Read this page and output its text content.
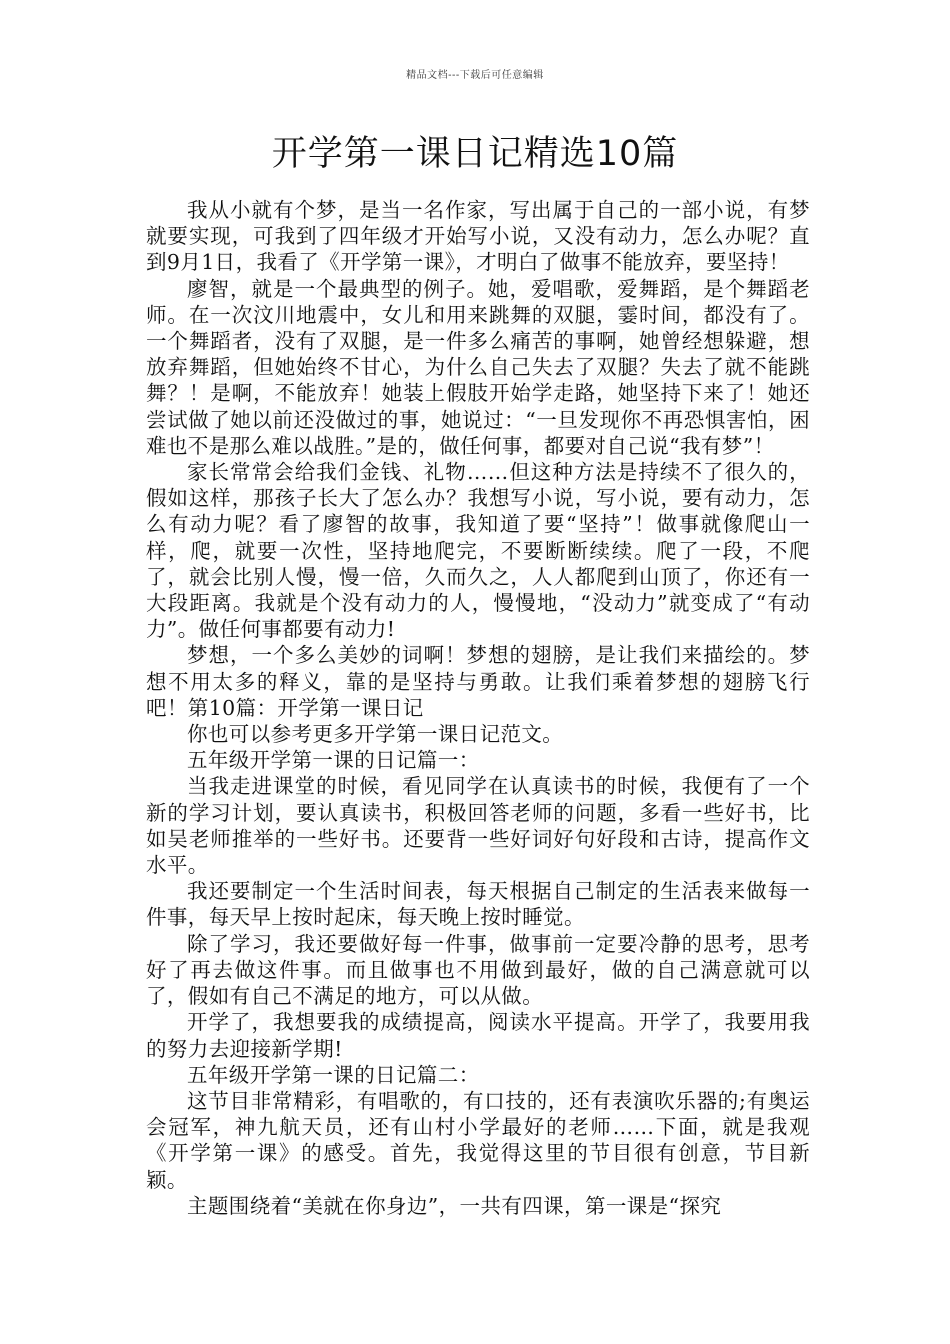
精品文档---下载后可任意编辑
开学第一课日记精选10篇

我从小就有个梦，是当一名作家，写出属于自己的一部小说，有梦就要实现，可我到了四年级才开始写小说，又没有动力，怎么办呢？直到9月1日，我看了《开学第一课》，才明白了做事不能放弃，要坚持！

廖智，就是一个最典型的例子。她，爱唱歌，爱舞蹈，是个舞蹈老师。在一次汶川地震中，女儿和用来跳舞的双腿，霎时间，都没有了。一个舞蹈者，没有了双腿，是一件多么痛苦的事啊，她曾经想躲避，想放弃舞蹈，但她始终不甘心，为什么自己失去了双腿？失去了就不能跳舞？！是啊，不能放弃！她装上假肢开始学走路，她坚持下来了！她还尝试做了她以前还没做过的事，她说过：“一旦发现你不再恐惧害怕，困难也不是那么难以战胜。”是的，做任何事，都要对自己说“我有梦”！

家长常常会给我们金钱、礼物……但这种方法是持续不了很久的，假如这样，那孩子长大了怎么办？我想写小说，写小说，要有动力，怎么有动力呢？看了廖智的故事，我知道了要“坚持”！做事就像爬山一样，爬，就要一次性，坚持地爬完，不要断断续续。爬了一段，不爬了，就会比别人慢，慢一倍，久而久之，人人都爬到山顶了，你还有一大段距离。我就是个没有动力的人，慢慢地，“没动力”就变成了“有动力”。做任何事都要有动力!

梦想，一个多么美妙的词啊！梦想的翅膀，是让我们来描绘的。梦想不用太多的释义，靠的是坚持与勇敢。让我们乘着梦想的翅膀飞行吧！第10篇：开学第一课日记

你也可以参考更多开学第一课日记范文。

五年级开学第一课的日记篇一：

当我走进课堂的时候，看见同学在认真读书的时候，我便有了一个新的学习计划，要认真读书，积极回答老师的问题，多看一些好书，比如吴老师推举的一些好书。还要背一些好词好句好段和古诗，提高作文水平。

我还要制定一个生活时间表，每天根据自己制定的生活表来做每一件事，每天早上按时起床，每天晚上按时睡觉。

除了学习，我还要做好每一件事，做事前一定要冷静的思考，思考好了再去做这件事。而且做事也不用做到最好，做的自己满意就可以了，假如有自己不满足的地方，可以从做。

开学了，我想要我的成绩提高，阅读水平提高。开学了，我要用我的努力去迎接新学期!

五年级开学第一课的日记篇二：

这节目非常精彩，有唱歌的，有口技的，还有表演吹乐器的;有奥运会冠军，神九航天员，还有山村小学最好的老师……下面，就是我观《开学第一课》的感受。首先，我觉得这里的节目很有创意，节目新颖。

主题围绕着“美就在你身边”，一共有四课，第一课是“探究
